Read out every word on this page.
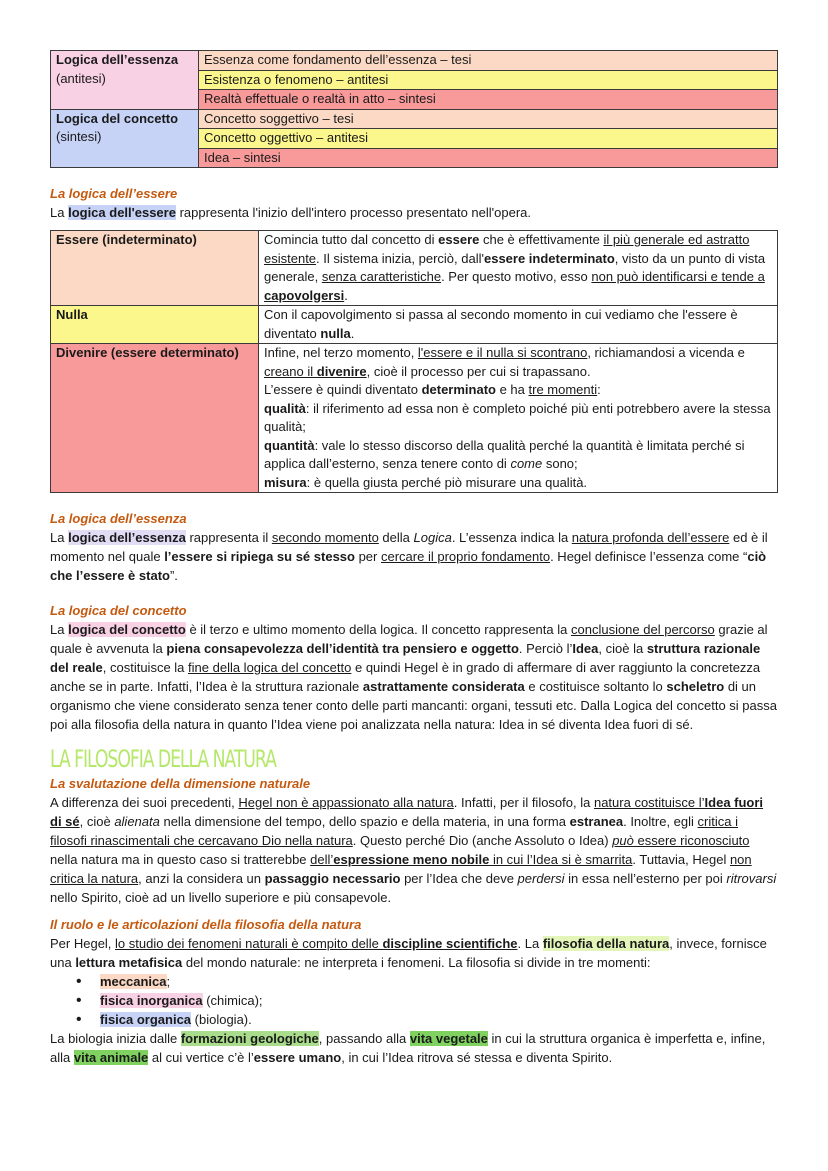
Logica dell’essenza
(antitesi)	Essenza come fondamento dell’essenza – tesi
	Esistenza o fenomeno – antitesi
	Realtà effettuale o realtà in atto – sintesi
Logica del concetto
(sintesi)	Concetto soggettivo – tesi
	Concetto oggettivo – antitesi
	Idea – sintesi
La logica dell’essere

La logica dell'essere rappresenta l'inizio dell'intero processo presentato nell'opera.

Essere (indeterminato)	Comincia tutto dal concetto di essere che è effettivamente il più generale ed astratto esistente. Il sistema inizia, perciò, dall'essere indeterminato, visto da un punto di vista generale, senza caratteristiche. Per questo motivo, esso non può identificarsi e tende a capovolgersi.
Nulla	Con il capovolgimento si passa al secondo momento in cui vediamo che l'essere è diventato nulla.
Divenire (essere determinato)	Infine, nel terzo momento, l'essere e il nulla si scontrano, richiamandosi a vicenda e creano il divenire, cioè il processo per cui si trapassano.
L’essere è quindi diventato determinato e ha tre momenti:
qualità: il riferimento ad essa non è completo poiché più enti potrebbero avere la stessa qualità;
quantità: vale lo stesso discorso della qualità perché la quantità è limitata perché si applica dall’esterno, senza tenere conto di come sono;
misura: è quella giusta perché piò misurare una qualità.
La logica dell’essenza

La logica dell’essenza rappresenta il secondo momento della Logica. L’essenza indica la natura profonda dell’essere ed è il momento nel quale l’essere si ripiega su sé stesso per cercare il proprio fondamento. Hegel definisce l’essenza come “ciò che l’essere è stato”.

La logica del concetto

La logica del concetto è il terzo e ultimo momento della logica. Il concetto rappresenta la conclusione del percorso grazie al quale è avvenuta la piena consapevolezza dell’identità tra pensiero e oggetto. Perciò l’Idea, cioè la struttura razionale del reale, costituisce la fine della logica del concetto e quindi Hegel è in grado di affermare di aver raggiunto la concretezza anche se in parte. Infatti, l’Idea è la struttura razionale astrattamente considerata e costituisce soltanto lo scheletro di un organismo che viene considerato senza tener conto delle parti mancanti: organi, tessuti etc. Dalla Logica del concetto si passa poi alla filosofia della natura in quanto l’Idea viene poi analizzata nella natura: Idea in sé diventa Idea fuori di sé.

LA FILOSOFIA DELLA NATURA
La svalutazione della dimensione naturale

A differenza dei suoi precedenti, Hegel non è appassionato alla natura. Infatti, per il filosofo, la natura costituisce l’Idea fuori di sé, cioè alienata nella dimensione del tempo, dello spazio e della materia, in una forma estranea. Inoltre, egli critica i filosofi rinascimentali che cercavano Dio nella natura. Questo perché Dio (anche Assoluto o Idea) può essere riconosciuto nella natura ma in questo caso si tratterebbe dell’espressione meno nobile in cui l’Idea si è smarrita. Tuttavia, Hegel non critica la natura, anzi la considera un passaggio necessario per l’Idea che deve perdersi in essa nell’esterno per poi ritrovarsi nello Spirito, cioè ad un livello superiore e più consapevole.

Il ruolo e le articolazioni della filosofia della natura

Per Hegel, lo studio dei fenomeni naturali è compito delle discipline scientifiche. La filosofia della natura, invece, fornisce una lettura metafisica del mondo naturale: ne interpreta i fenomeni. La filosofia si divide in tre momenti:

• meccanica;
• fisica inorganica (chimica);
• fisica organica (biologia).

La biologia inizia dalle formazioni geologiche, passando alla vita vegetale in cui la struttura organica è imperfetta e, infine, alla vita animale al cui vertice c’è l’essere umano, in cui l’Idea ritrova sé stessa e diventa Spirito.
